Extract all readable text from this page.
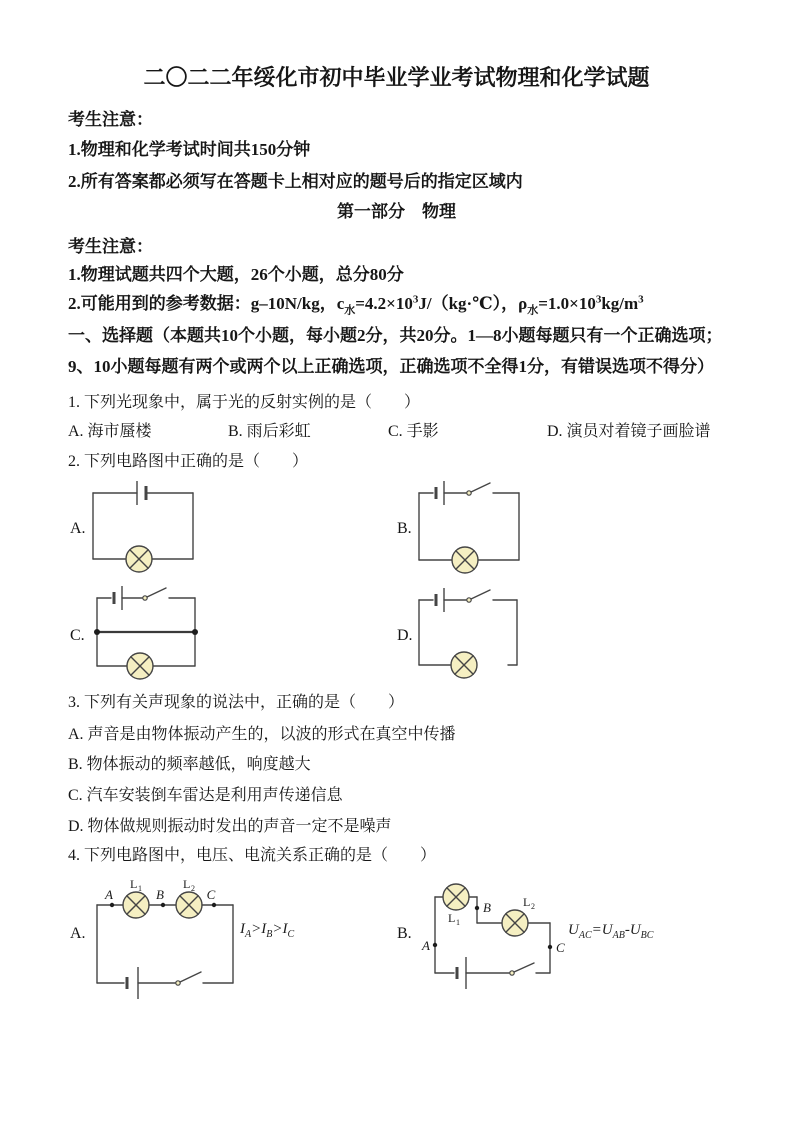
二〇二二年绥化市初中毕业学业考试物理和化学试题
考生注意：
1.物理和化学考试时间共150分钟
2.所有答案都必须写在答题卡上相对应的题号后的指定区域内
第一部分　物理
考生注意：
1.物理试题共四个大题，26个小题，总分80分
2.可能用到的参考数据：g–10N/kg，$c_水=4.2\times 10^3J/(kg\cdot℃)$，$\rho_水=1.0\times 10^3kg/m^3$
一、选择题（本题共10个小题，每小题2分，共20分。1—8小题每题只有一个正确选项；
9、10小题每题有两个或两个以上正确选项，正确选项不全得1分，有错误选项不得分）
1. 下列光现象中，属于光的反射实例的是（　　）
A. 海市蜃楼	B. 雨后彩虹	C. 手影	D. 演员对着镜子画脸谱
2. 下列电路图中正确的是（　　）
A.	B.
C.	D.
3. 下列有关声现象的说法中，正确的是（　　）
A. 声音是由物体振动产生的，以波的形式在真空中传播
B. 物体振动的频率越低，响度越大
C. 汽车安装倒车雷达是利用声传递信息
D. 物体做规则振动时发出的声音一定不是噪声
4. 下列电路图中，电压、电流关系正确的是（　　）
A.	B.
A	B	C
L 1	L 2
$I_A>I_B>I_C$
B
L 1
L 2
C
A
$U_{AC}=U_{AB}-U_{BC}$
